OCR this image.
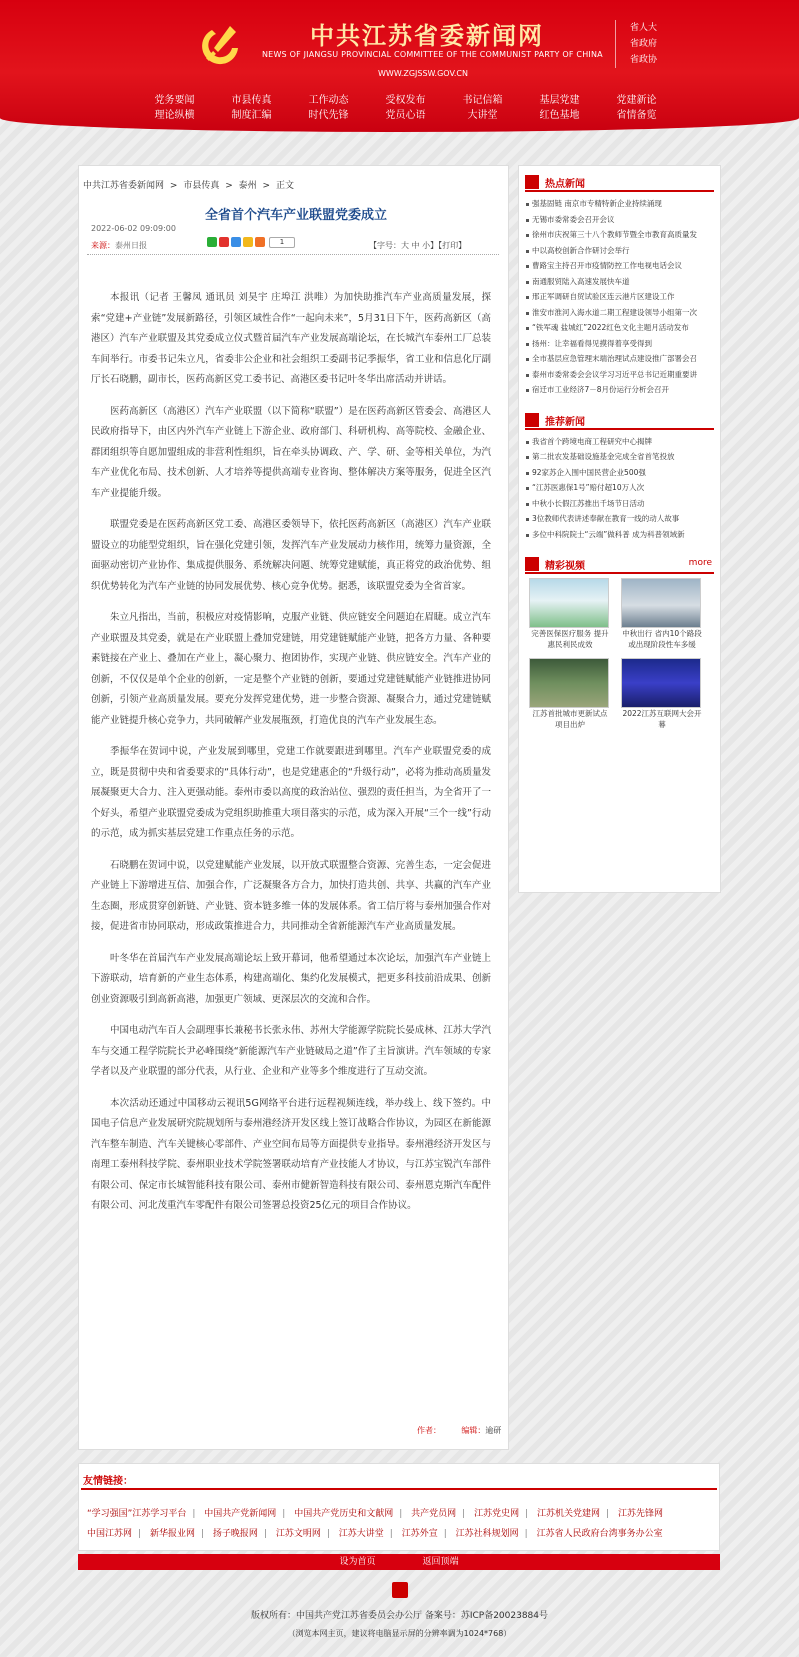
中共江苏省委新闻网
NEWS OF JIANGSU PROVINCIAL COMMITTEE OF THE COMMUNIST PARTY OF CHINA
WWW.ZGJSSW.GOV.CN
省人大
省政府
省政协
党务要闻
理论纵横
市县传真
制度汇编
工作动态
时代先锋
受权发布
党员心语
书记信箱
大讲堂
基层党建
红色基地
党建新论
省情备览
中共江苏省委新闻网 > 市县传真 > 泰州 > 正文
全省首个汽车产业联盟党委成立
2022-06-02 09:09:00
来源：泰州日报	1	【字号：大 中 小】【打印】

本报讯（记者 王馨凤 通讯员 刘昊宇 庄埠江 洪唯）为加快助推汽车产业高质量发展，探索“党建+产业链”发展新路径，引领区域性合作“一起向未来”，5月31日下午，医药高新区（高港区）汽车产业联盟及其党委成立仪式暨首届汽车产业发展高端论坛，在长城汽车泰州工厂总装车间举行。市委书记朱立凡，省委非公企业和社会组织工委副书记季振华，省工业和信息化厅副厅长石晓鹏，副市长，医药高新区党工委书记、高港区委书记叶冬华出席活动并讲话。

医药高新区（高港区）汽车产业联盟（以下简称“联盟”）是在医药高新区管委会、高港区人民政府指导下，由区内外汽车产业链上下游企业、政府部门、科研机构、高等院校、金融企业、群团组织等自愿加盟组成的非营利性组织，旨在牵头协调政、产、学、研、金等相关单位，为汽车产业优化布局、技术创新、人才培养等提供高端专业咨询、整体解决方案等服务，促进全区汽车产业提能升级。

联盟党委是在医药高新区党工委、高港区委领导下，依托医药高新区（高港区）汽车产业联盟设立的功能型党组织，旨在强化党建引领，发挥汽车产业发展动力核作用，统筹力量资源，全面驱动密切产业协作、集成提供服务、系统解决问题、统筹党建赋能，真正将党的政治优势、组织优势转化为汽车产业链的协同发展优势、核心竞争优势。据悉，该联盟党委为全省首家。

朱立凡指出，当前，积极应对疫情影响，克服产业链、供应链安全问题迫在眉睫。成立汽车产业联盟及其党委，就是在产业联盟上叠加党建链，用党建链赋能产业链，把各方力量、各种要素链接在产业上、叠加在产业上，凝心聚力、抱团协作，实现产业链、供应链安全。汽车产业的创新，不仅仅是单个企业的创新，一定是整个产业链的创新，要通过党建链赋能产业链推进协同创新，引领产业高质量发展。要充分发挥党建优势，进一步整合资源、凝聚合力，通过党建链赋能产业链提升核心竞争力，共同破解产业发展瓶颈，打造优良的汽车产业发展生态。

季振华在贺词中说，产业发展到哪里，党建工作就要跟进到哪里。汽车产业联盟党委的成立，既是贯彻中央和省委要求的“具体行动”，也是党建惠企的“升级行动”，必将为推动高质量发展凝聚更大合力、注入更强动能。泰州市委以高度的政治站位、强烈的责任担当，为全省开了一个好头，希望产业联盟党委成为党组织助推重大项目落实的示范，成为深入开展“三个一线”行动的示范，成为抓实基层党建工作重点任务的示范。

石晓鹏在贺词中说，以党建赋能产业发展，以开放式联盟整合资源、完善生态，一定会促进产业链上下游增进互信、加强合作，广泛凝聚各方合力，加快打造共创、共享、共赢的汽车产业生态圈，形成贯穿创新链、产业链、资本链多维一体的发展体系。省工信厅将与泰州加强合作对接，促进省市协同联动，形成政策推进合力，共同推动全省新能源汽车产业高质量发展。

叶冬华在首届汽车产业发展高端论坛上致开幕词，他希望通过本次论坛，加强汽车产业链上下游联动，培育新的产业生态体系，构建高端化、集约化发展模式，把更多科技前沿成果、创新创业资源吸引到高新高港，加强更广领域、更深层次的交流和合作。

中国电动汽车百人会副理事长兼秘书长张永伟、苏州大学能源学院院长晏成林、江苏大学汽车与交通工程学院院长尹必峰围绕“新能源汽车产业链破局之道”作了主旨演讲。汽车领域的专家学者以及产业联盟的部分代表，从行业、企业和产业等多个维度进行了互动交流。

本次活动还通过中国移动云视讯5G网络平台进行远程视频连线，举办线上、线下签约。中国电子信息产业发展研究院规划所与泰州港经济开发区线上签订战略合作协议，为园区在新能源汽车整车制造、汽车关键核心零部件、产业空间布局等方面提供专业指导。泰州港经济开发区与南理工泰州科技学院、泰州职业技术学院签署联动培育产业技能人才协议，与江苏宝锐汽车部件有限公司、保定市长城智能科技有限公司、泰州市健新智造科技有限公司、泰州恩克斯汽车配件有限公司、河北茂重汽车零配件有限公司签署总投资25亿元的项目合作协议。

作者：	编辑：逾研
热点新闻
强基固链 南京市专精特新企业持续涌现
无锡市委常委会召开会议
徐州市庆祝第三十八个教师节暨全市教育高质量发
中以高校创新合作研讨会举行
曹路宝主持召开市疫情防控工作电视电话会议
南通服贸陆入高速发展快车道
邢正军调研自贸试验区连云港片区建设工作
淮安市淮河入海水道二期工程建设领导小组第一次
“铁军魂 盐城红”2022红色文化主题月活动发布
扬州：让幸福看得见摸得着享受得到
全市基层应急管理末端治理试点建设推广部署会召
泰州市委常委会会议学习习近平总书记近期重要讲
宿迁市工业经济7－8月份运行分析会召开
推荐新闻
我省首个跨境电商工程研究中心揭牌
第二批农发基础设施基金完成全省首笔投放
92家苏企入围中国民营企业500强
“江苏医惠保1号”赔付超10万人次
中秋小长假江苏推出千场节日活动
3位教师代表讲述奉献在教育一线的动人故事
多位中科院院士“云端”做科普 成为科普领域新
精彩视频	more
完善医保医疗服务 提升惠民利民成效
中秋出行 省内10个路段或出现阶段性车多缓
江苏首批城市更新试点项目出炉
2022江苏互联网大会开幕
友情链接：
“学习强国”江苏学习平台 | 中国共产党新闻网 | 中国共产党历史和文献网 | 共产党员网 | 江苏党史网 | 江苏机关党建网 | 江苏先锋网
中国江苏网 | 新华报业网 | 扬子晚报网 | 江苏文明网 | 江苏大讲堂 | 江苏外宣 | 江苏社科规划网 | 江苏省人民政府台湾事务办公室
设为首页	返回顶端
版权所有：中国共产党江苏省委员会办公厅 备案号：苏ICP备20023884号
（浏览本网主页，建议将电脑显示屏的分辨率调为1024*768）
